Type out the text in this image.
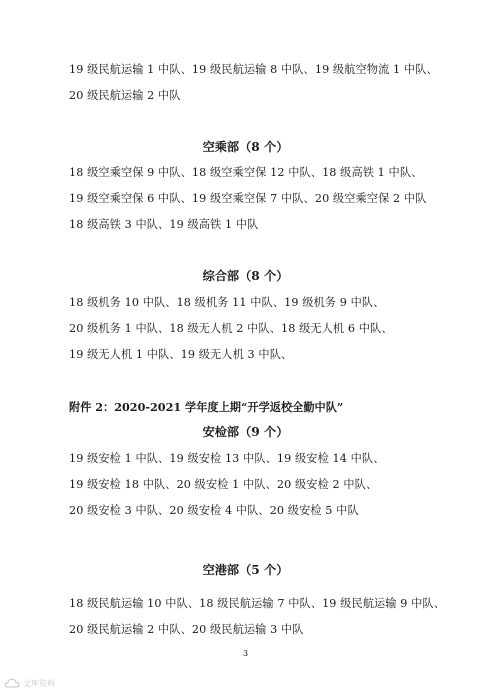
19 级民航运输 1 中队、19 级民航运输 8 中队、19 级航空物流 1 中队、
20 级民航运输 2 中队
空乘部（8 个）
18 级空乘空保 9 中队、18 级空乘空保 12 中队、18 级高铁 1 中队、
19 级空乘空保 6 中队、19 级空乘空保 7 中队、20 级空乘空保 2 中队
18 级高铁 3 中队、19 级高铁 1 中队
综合部（8 个）
18 级机务 10 中队、18 级机务 11 中队、19 级机务 9 中队、
20 级机务 1 中队、18 级无人机 2 中队、18 级无人机 6 中队、
19 级无人机 1 中队、19 级无人机 3 中队、
附件 2：2020-2021 学年度上期“开学返校全勤中队”
安检部（9 个）
19 级安检 1 中队、19 级安检 13 中队、19 级安检 14 中队、
19 级安检 18 中队、20 级安检 1 中队、20 级安检 2 中队、
20 级安检 3 中队、20 级安检 4 中队、20 级安检 5 中队
空港部（5 个）
18 级民航运输 10 中队、18 级民航运输 7 中队、19 级民航运输 9 中队、
20 级民航运输 2 中队、20 级民航运输 3 中队
3
文库资料
